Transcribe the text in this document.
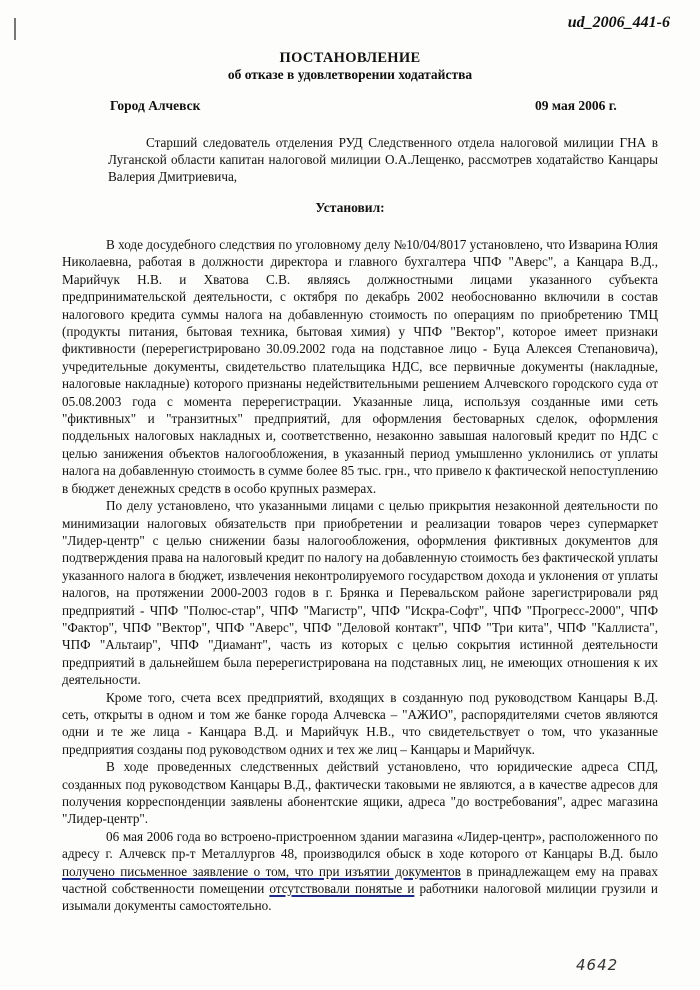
ud_2006_441-6
ПОСТАНОВЛЕНИЕ
об отказе в удовлетворении ходатайства
Город Алчевск	09 мая 2006 г.
Старший следователь отделения РУД Следственного отдела налоговой милиции ГНА в Луганской области капитан налоговой милиции О.А.Лещенко, рассмотрев ходатайство Канцары Валерия Дмитриевича,
Установил:

В ходе досудебного следствия по уголовному делу №10/04/8017 установлено, что Изварина Юлия Николаевна, работая в должности директора и главного бухгалтера ЧПФ "Аверс", а Канцара В.Д., Марийчук Н.В. и Хватова С.В. являясь должностными лицами указанного субъекта предпринимательской деятельности, с октября по декабрь 2002 необоснованно включили в состав налогового кредита суммы налога на добавленную стоимость по операциям по приобретению ТМЦ (продукты питания, бытовая техника, бытовая химия) у ЧПФ "Вектор", которое имеет признаки фиктивности (перерегистрировано 30.09.2002 года на подставное лицо - Буца Алексея Степановича), учредительные документы, свидетельство плательщика НДС, все первичные документы (накладные, налоговые накладные) которого признаны недействительными решением Алчевского городского суда от 05.08.2003 года с момента перерегистрации. Указанные лица, используя созданные ими сеть "фиктивных" и "транзитных" предприятий, для оформления бестоварных сделок, оформления поддельных налоговых накладных и, соответственно, незаконно завышая налоговый кредит по НДС с целью занижения объектов налогообложения, в указанный период умышленно уклонились от уплаты налога на добавленную стоимость в сумме более 85 тыс. грн., что привело к фактической непоступлению в бюджет денежных средств в особо крупных размерах.

По делу установлено, что указанными лицами с целью прикрытия незаконной деятельности по минимизации налоговых обязательств при приобретении и реализации товаров через супермаркет "Лидер-центр" с целью снижении базы налогообложения, оформления фиктивных документов для подтверждения права на налоговый кредит по налогу на добавленную стоимость без фактической уплаты указанного налога в бюджет, извлечения неконтролируемого государством дохода и уклонения от уплаты налогов, на протяжении 2000-2003 годов в г. Брянка и Перевальском районе зарегистрировали ряд предприятий - ЧПФ "Полюс-стар", ЧПФ "Магистр", ЧПФ "Искра-Софт", ЧПФ "Прогресс-2000", ЧПФ "Фактор", ЧПФ "Вектор", ЧПФ "Аверс", ЧПФ "Деловой контакт", ЧПФ "Три кита", ЧПФ "Каллиста", ЧПФ "Альтаир", ЧПФ "Диамант", часть из которых с целью сокрытия истинной деятельности предприятий в дальнейшем была перерегистрирована на подставных лиц, не имеющих отношения к их деятельности.

Кроме того, счета всех предприятий, входящих в созданную под руководством Канцары В.Д. сеть, открыты в одном и том же банке города Алчевска – "АЖИО", распорядителями счетов являются одни и те же лица - Канцара В.Д. и Марийчук Н.В., что свидетельствует о том, что указанные предприятия созданы под руководством одних и тех же лиц – Канцары и Марийчук.

В ходе проведенных следственных действий установлено, что юридические адреса СПД, созданных под руководством Канцары В.Д., фактически таковыми не являются, а в качестве адресов для получения корреспонденции заявлены абонентские ящики, адреса "до востребования", адрес магазина "Лидер-центр".

06 мая 2006 года во встроено-пристроенном здании магазина «Лидер-центр», расположенного по адресу г. Алчевск пр-т Металлургов 48, производился обыск в ходе которого от Канцары В.Д. было получено письменное заявление о том, что при изъятии документов в принадлежащем ему на правах частной собственности помещении отсутствовали понятые и работники налоговой милиции грузили и изымали документы самостоятельно.

4642
